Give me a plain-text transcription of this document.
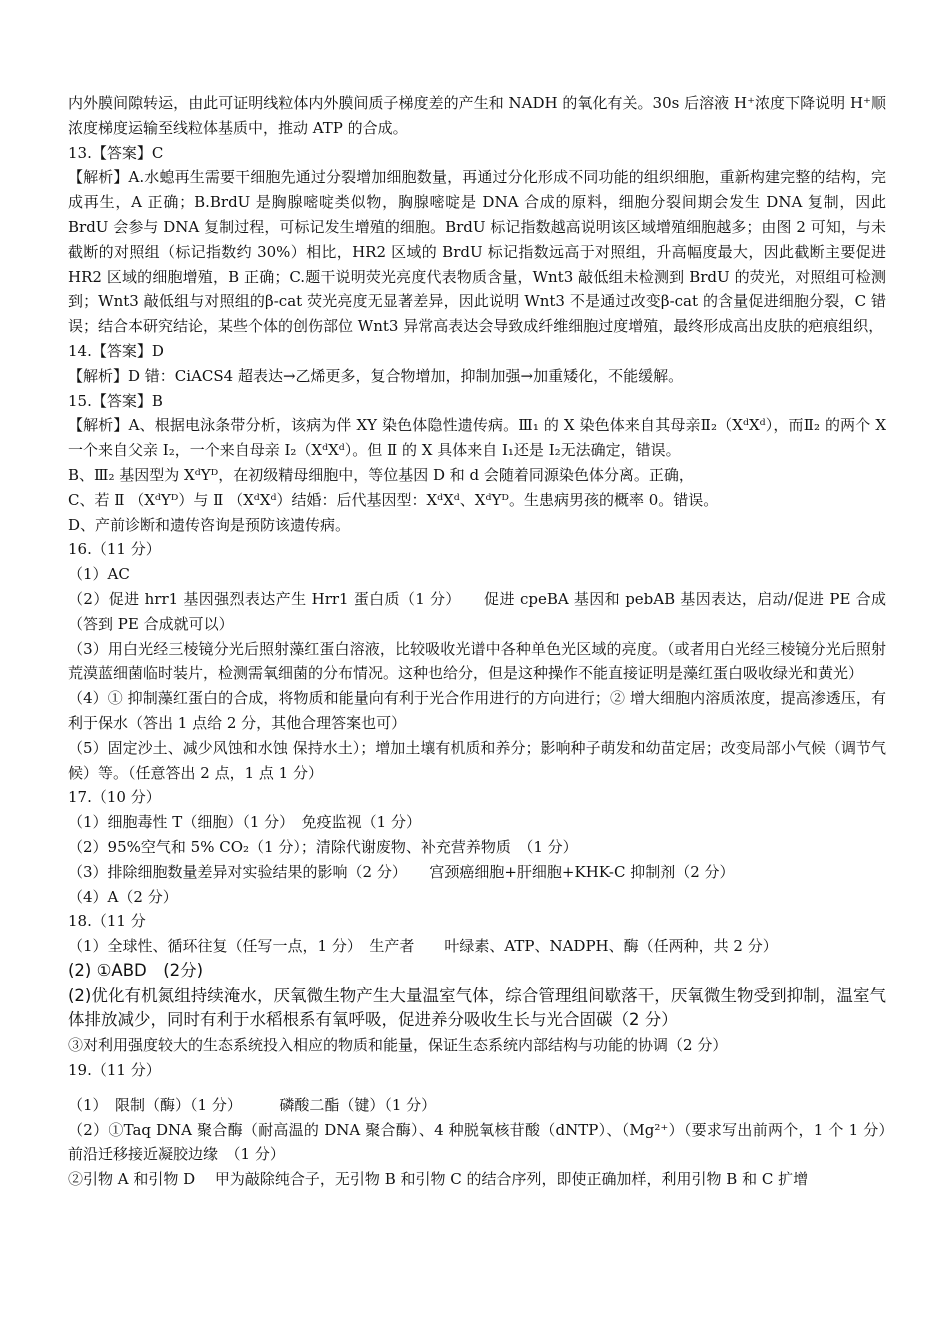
内外膜间隙转运，由此可证明线粒体内外膜间质子梯度差的产生和 NADH 的氧化有关。30s 后溶液 H⁺浓度下降说明 H⁺顺浓度梯度运输至线粒体基质中，推动 ATP 的合成。

13.【答案】C

【解析】A.水螅再生需要干细胞先通过分裂增加细胞数量，再通过分化形成不同功能的组织细胞，重新构建完整的结构，完成再生，A 正确；B.BrdU 是胸腺嘧啶类似物，胸腺嘧啶是 DNA 合成的原料，细胞分裂间期会发生 DNA 复制，因此 BrdU 会参与 DNA 复制过程，可标记发生增殖的细胞。BrdU 标记指数越高说明该区域增殖细胞越多；由图 2 可知，与未截断的对照组（标记指数约 30%）相比，HR2 区域的 BrdU 标记指数远高于对照组，升高幅度最大，因此截断主要促进 HR2 区域的细胞增殖，B 正确；C.题干说明荧光亮度代表物质含量，Wnt3 敲低组未检测到 BrdU 的荧光，对照组可检测到；Wnt3 敲低组与对照组的β-cat 荧光亮度无显著差异，因此说明 Wnt3 不是通过改变β-cat 的含量促进细胞分裂，C 错误；结合本研究结论，某些个体的创伤部位 Wnt3 异常高表达会导致成纤维细胞过度增殖，最终形成高出皮肤的疤痕组织，

14.【答案】D

【解析】D 错：CiACS4 超表达→乙烯更多，复合物增加，抑制加强→加重矮化，不能缓解。

15.【答案】B

【解析】A、根据电泳条带分析，该病为伴 XY 染色体隐性遗传病。Ⅲ₁ 的 X 染色体来自其母亲Ⅱ₂（XᵈXᵈ），而Ⅱ₂ 的两个 X 一个来自父亲 I₂，一个来自母亲 I₂（XᵈXᵈ）。但 Ⅱ 的 X 具体来自 I₁还是 I₂无法确定，错误。

B、Ⅲ₂ 基因型为 XᵈYᴰ，在初级精母细胞中，等位基因 D 和 d 会随着同源染色体分离。正确，

C、若 Ⅱ （XᵈYᴰ）与 Ⅱ （XᵈXᵈ）结婚：后代基因型：XᵈXᵈ、XᵈYᴰ。生患病男孩的概率 0。错误。

D、产前诊断和遗传咨询是预防该遗传病。

16.（11 分）

（1）AC

（2）促进 hrr1 基因强烈表达产生 Hrr1 蛋白质（1 分）　　促进 cpeBA 基因和 pebAB 基因表达，启动/促进 PE 合成（答到 PE 合成就可以）

（3）用白光经三棱镜分光后照射藻红蛋白溶液，比较吸收光谱中各种单色光区域的亮度。（或者用白光经三棱镜分光后照射荒漠蓝细菌临时装片，检测需氧细菌的分布情况。这种也给分，但是这种操作不能直接证明是藻红蛋白吸收绿光和黄光）

（4）① 抑制藻红蛋白的合成，将物质和能量向有利于光合作用进行的方向进行；② 增大细胞内溶质浓度，提高渗透压，有利于保水（答出 1 点给 2 分，其他合理答案也可）

（5）固定沙土、减少风蚀和水蚀 保持水土）；增加土壤有机质和养分；影响种子萌发和幼苗定居；改变局部小气候（调节气候）等。（任意答出 2 点，1 点 1 分）

17.（10 分）

（1）细胞毒性 T（细胞）（1 分）　免疫监视（1 分）

（2）95%空气和 5% CO₂（1 分）；清除代谢废物、补充营养物质　（1 分）

（3）排除细胞数量差异对实验结果的影响（2 分）　　宫颈癌细胞+肝细胞+KHK-C 抑制剂（2 分）

（4）A（2 分）

18.（11 分

（1）全球性、循环往复（任写一点，1 分）　生产者　　叶绿素、ATP、NADPH、酶（任两种，共 2 分）

(2) ①ABD　(2分)

(2)优化有机氮组持续淹水，厌氧微生物产生大量温室气体，综合管理组间歇落干，厌氧微生物受到抑制，温室气体排放减少，同时有利于水稻根系有氧呼吸，促进养分吸收生长与光合固碳（2 分）

③对利用强度较大的生态系统投入相应的物质和能量，保证生态系统内部结构与功能的协调（2 分）

19.（11 分）

（1）　限制（酶）（1 分）　　　磷酸二酯（键）（1 分）

（2）①Taq DNA 聚合酶（耐高温的 DNA 聚合酶）、4 种脱氧核苷酸（dNTP）、（Mg²⁺）（要求写出前两个，1 个 1 分）　　　　前沿迁移接近凝胶边缘　（1 分）

②引物 A 和引物 D　 甲为敲除纯合子，无引物 B 和引物 C 的结合序列，即使正确加样，利用引物 B 和 C 扩增
